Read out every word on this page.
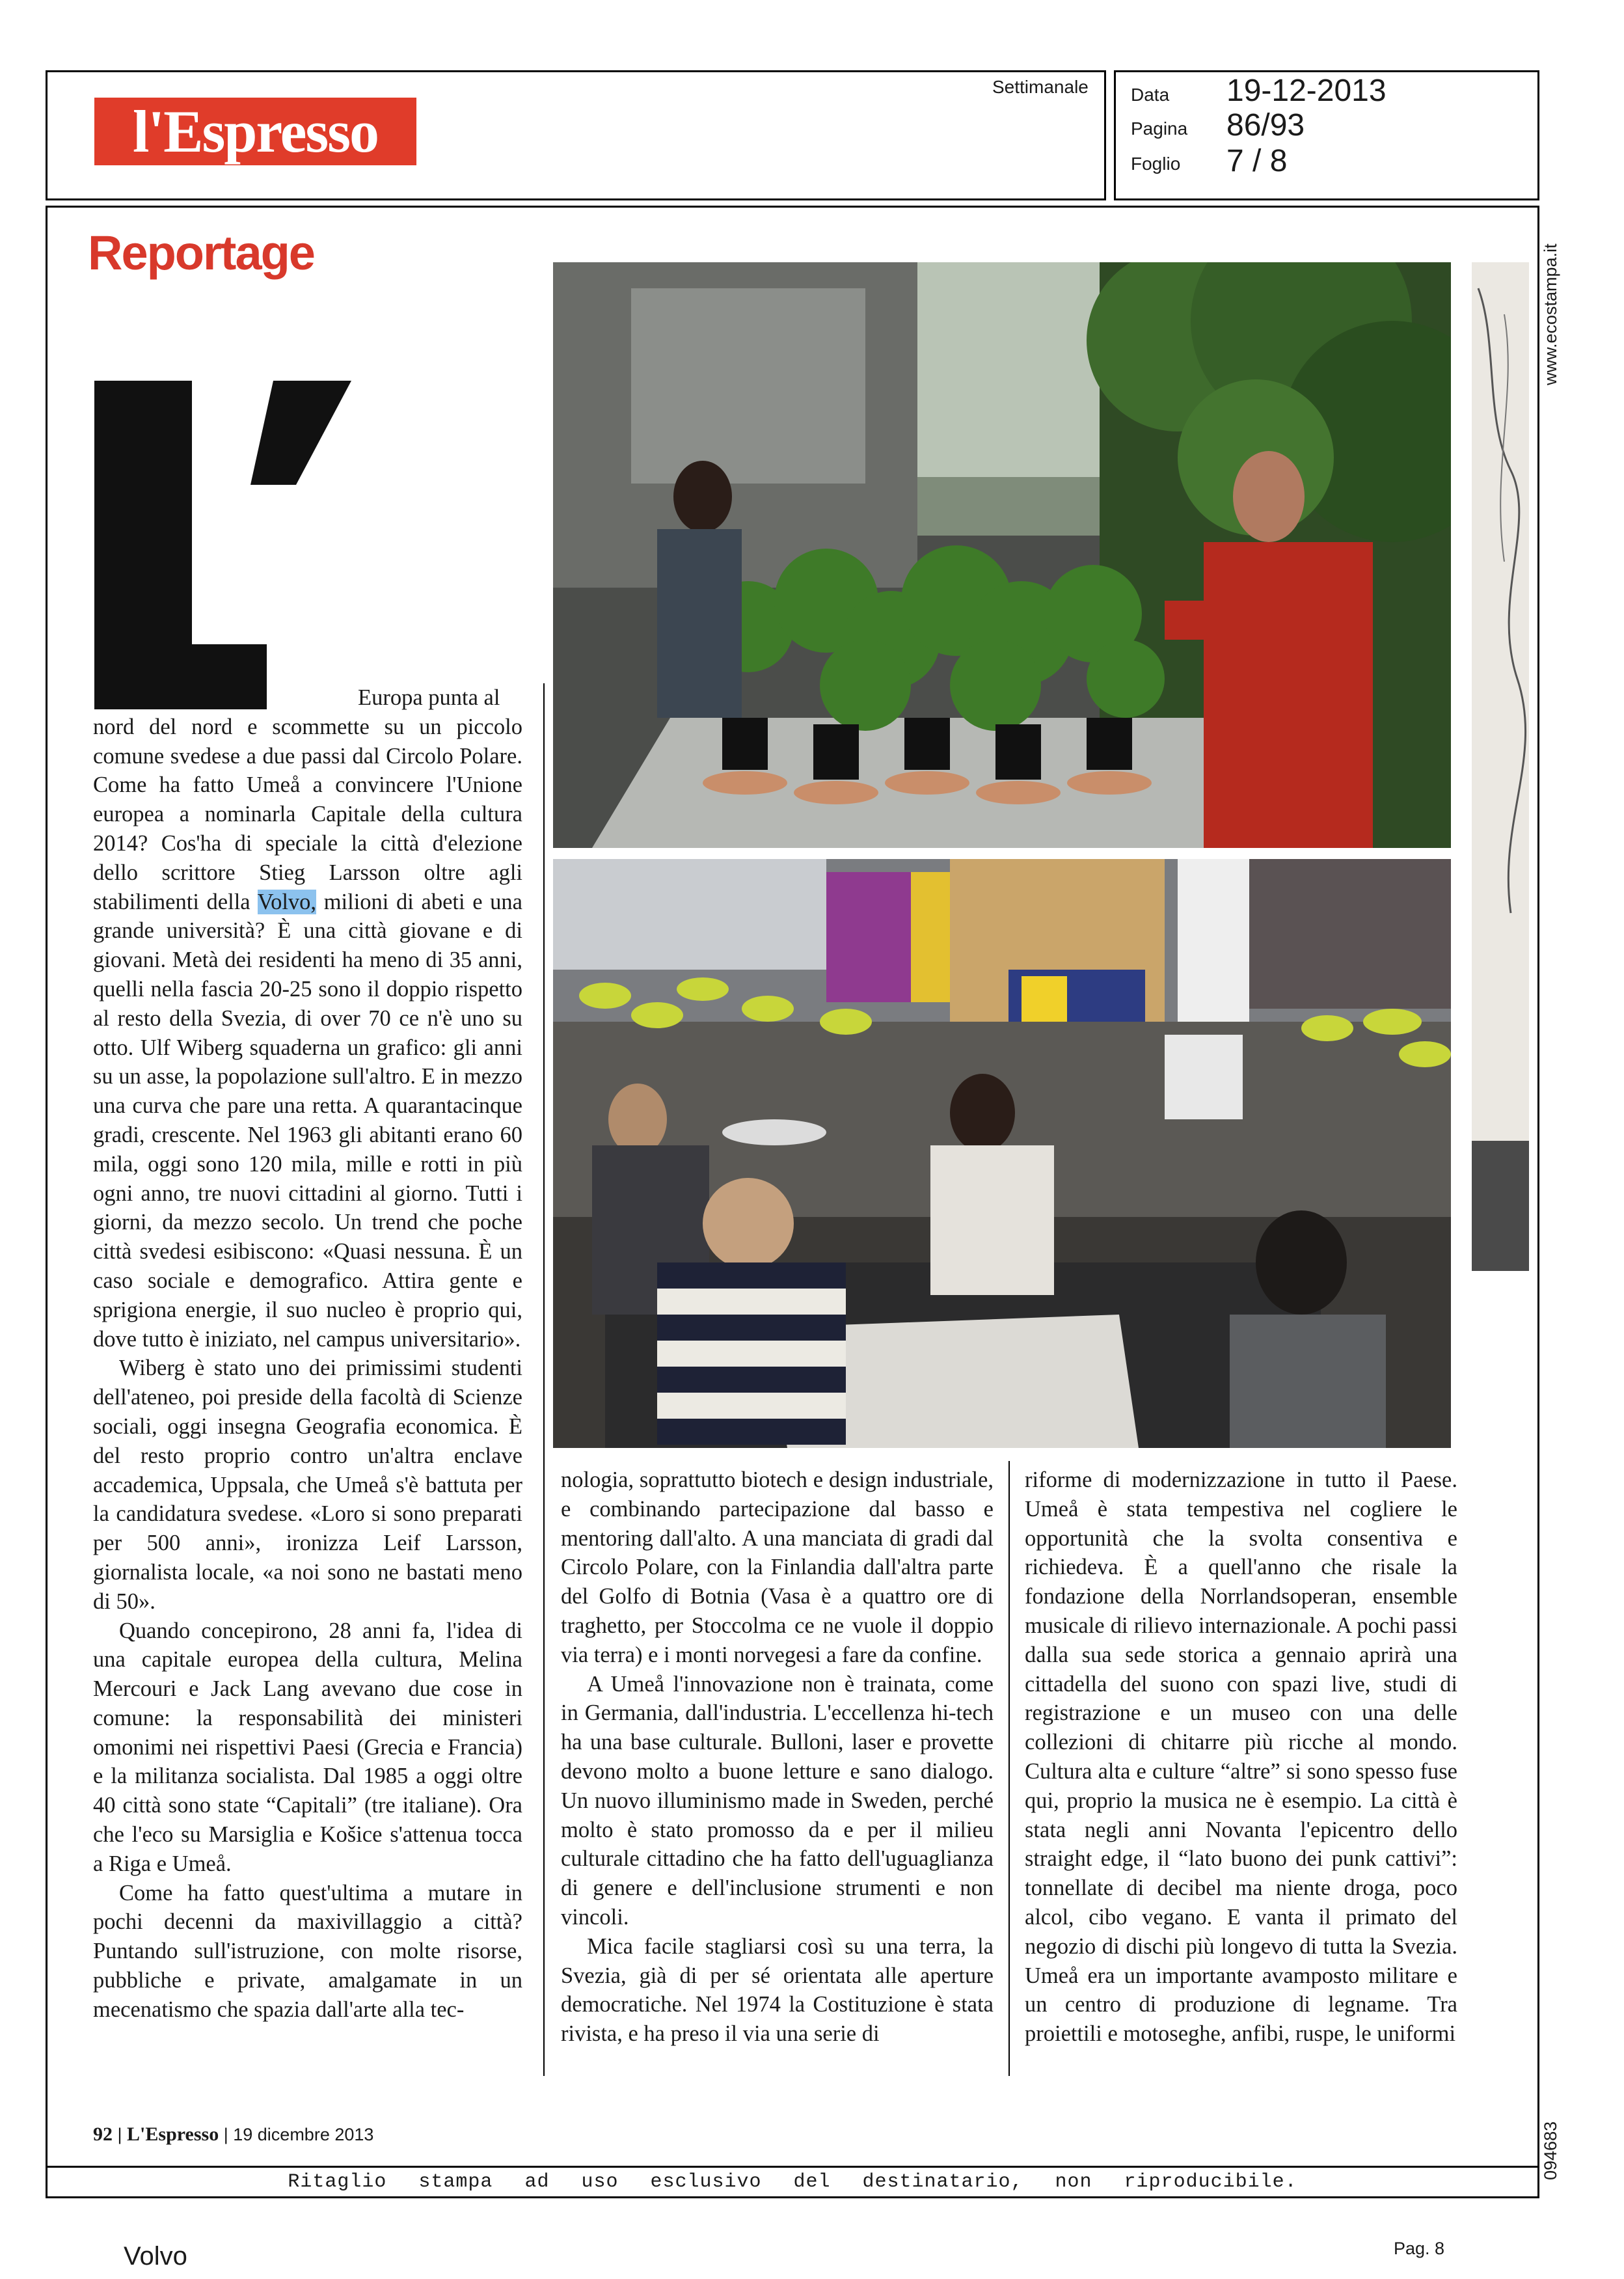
l'Espresso
Settimanale Data 19-12-2013
Pagina 86/93
Foglio 7 / 8
www.ecostampa.it
094683
Reportage

Europa punta al

nord del nord e scommette su un piccolo comune svedese a due passi dal Circolo Polare. Come ha fatto Umeå a convincere l'Unione europea a nominarla Capitale della cultura 2014? Cos'ha di speciale la città d'elezione dello scrittore Stieg Larsson oltre agli stabilimenti della Volvo, milioni di abeti e una grande università? È una città giovane e di giovani. Metà dei residenti ha meno di 35 anni, quelli nella fascia 20-25 sono il doppio rispetto al resto della Svezia, di over 70 ce n'è uno su otto. Ulf Wiberg squaderna un grafico: gli anni su un asse, la popolazione sull'altro. E in mezzo una curva che pare una retta. A quarantacinque gradi, crescente. Nel 1963 gli abitanti erano 60 mila, oggi sono 120 mila, mille e rotti in più ogni anno, tre nuovi cittadini al giorno. Tutti i giorni, da mezzo secolo. Un trend che poche città svedesi esibiscono: «Quasi nessuna. È un caso sociale e demografico. Attira gente e sprigiona energie, il suo nucleo è proprio qui, dove tutto è iniziato, nel campus universitario».

Wiberg è stato uno dei primissimi studenti dell'ateneo, poi preside della facoltà di Scienze sociali, oggi insegna Geografia economica. È del resto proprio contro un'altra enclave accademica, Uppsala, che Umeå s'è battuta per la candidatura svedese. «Loro si sono preparati per 500 anni», ironizza Leif Larsson, giornalista locale, «a noi sono ne bastati meno di 50».

Quando concepirono, 28 anni fa, l'idea di una capitale europea della cultura, Melina Mercouri e Jack Lang avevano due cose in comune: la responsabilità dei ministeri omonimi nei rispettivi Paesi (Grecia e Francia) e la militanza socialista. Dal 1985 a oggi oltre 40 città sono state “Capitali” (tre italiane). Ora che l'eco su Marsiglia e Košice s'attenua tocca a Riga e Umeå.

Come ha fatto quest'ultima a mutare in pochi decenni da maxivillaggio a città? Puntando sull'istruzione, con molte risorse, pubbliche e private, amalgamate in un mecenatismo che spazia dall'arte alla tec-

nologia, soprattutto biotech e design industriale, e combinando partecipazione dal basso e mentoring dall'alto. A una manciata di gradi dal Circolo Polare, con la Finlandia dall'altra parte del Golfo di Botnia (Vasa è a quattro ore di traghetto, per Stoccolma ce ne vuole il doppio via terra) e i monti norvegesi a fare da confine.

A Umeå l'innovazione non è trainata, come in Germania, dall'industria. L'eccellenza hi-tech ha una base culturale. Bulloni, laser e provette devono molto a buone letture e sano dialogo. Un nuovo illuminismo made in Sweden, perché molto è stato promosso da e per il milieu culturale cittadino che ha fatto dell'uguaglianza di genere e dell'inclusione strumenti e non vincoli.

Mica facile stagliarsi così su una terra, la Svezia, già di per sé orientata alle aperture democratiche. Nel 1974 la Costituzione è stata rivista, e ha preso il via una serie di

riforme di modernizzazione in tutto il Paese. Umeå è stata tempestiva nel cogliere le opportunità che la svolta consentiva e richiedeva. È a quell'anno che risale la fondazione della Norrlandsoperan, ensemble musicale di rilievo internazionale. A pochi passi dalla sua sede storica a gennaio aprirà una cittadella del suono con spazi live, studi di registrazione e un museo con una delle collezioni di chitarre più ricche al mondo. Cultura alta e culture “altre” si sono spesso fuse qui, proprio la musica ne è esempio. La città è stata negli anni Novanta l'epicentro dello straight edge, il “lato buono dei punk cattivi”: tonnellate di decibel ma niente droga, poco alcol, cibo vegano. E vanta il primato del negozio di dischi più longevo di tutta la Svezia. Umeå era un importante avamposto militare e un centro di produzione di legname. Tra proiettili e motoseghe, anfibi, ruspe, le uniformi

92 | L'Espresso | 19 dicembre 2013
Ritaglio stampa ad uso esclusivo del destinatario, non riproducibile.
Volvo	Pag. 8
